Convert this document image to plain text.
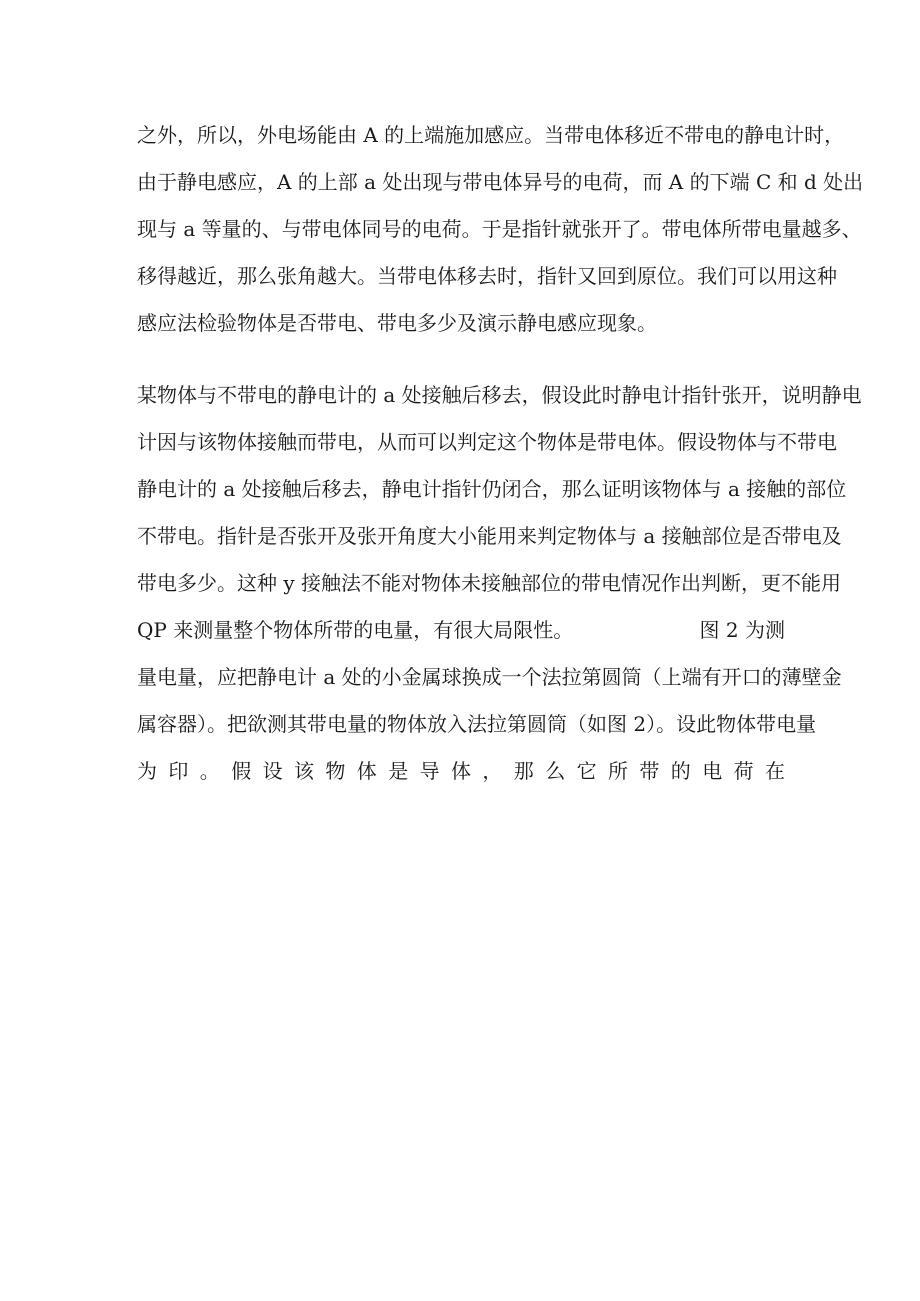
之外，所以，外电场能由 A 的上端施加感应。当带电体移近不带电的静电计时，
由于静电感应，A 的上部 a 处出现与带电体异号的电荷，而 A 的下端 C 和 d 处出
现与 a 等量的、与带电体同号的电荷。于是指针就张开了。带电体所带电量越多、
移得越近，那么张角越大。当带电体移去时，指针又回到原位。我们可以用这种
感应法检验物体是否带电、带电多少及演示静电感应现象。
某物体与不带电的静电计的 a 处接触后移去，假设此时静电计指针张开，说明静电
计因与该物体接触而带电，从而可以判定这个物体是带电体。假设物体与不带电
静电计的 a 处接触后移去，静电计指针仍闭合，那么证明该物体与 a 接触的部位
不带电。指针是否张开及张开角度大小能用来判定物体与 a 接触部位是否带电及
带电多少。这种 y 接触法不能对物体未接触部位的带电情况作出判断，更不能用
QP 来测量整个物体所带的电量，有很大局限性。	图 2 为测
量电量，应把静电计 a 处的小金属球换成一个法拉第圆筒（上端有开口的薄壁金
属容器）。把欲测其带电量的物体放入法拉第圆筒（如图 2）。设此物体带电量
为 印 。 假 设 该 物 体 是 导 体 ， 那 么 它 所 带 的 电 荷 在
